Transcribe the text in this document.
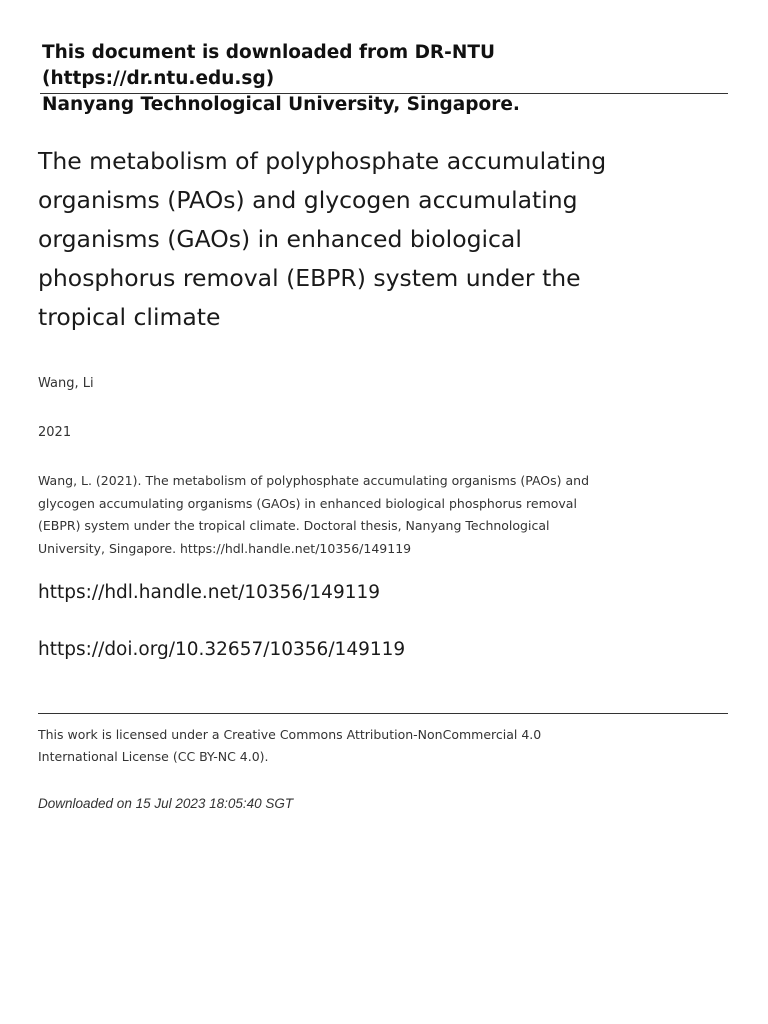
This document is downloaded from DR-NTU (https://dr.ntu.edu.sg)
Nanyang Technological University, Singapore.
The metabolism of polyphosphate accumulating
organisms (PAOs) and glycogen accumulating
organisms (GAOs) in enhanced biological
phosphorus removal (EBPR) system under the
tropical climate
Wang, Li
2021
Wang, L. (2021). The metabolism of polyphosphate accumulating organisms (PAOs) and
glycogen accumulating organisms (GAOs) in enhanced biological phosphorus removal
(EBPR) system under the tropical climate. Doctoral thesis, Nanyang Technological
University, Singapore. https://hdl.handle.net/10356/149119
https://hdl.handle.net/10356/149119
https://doi.org/10.32657/10356/149119
This work is licensed under a Creative Commons Attribution-NonCommercial 4.0
International License (CC BY-NC 4.0).
Downloaded on 15 Jul 2023 18:05:40 SGT
